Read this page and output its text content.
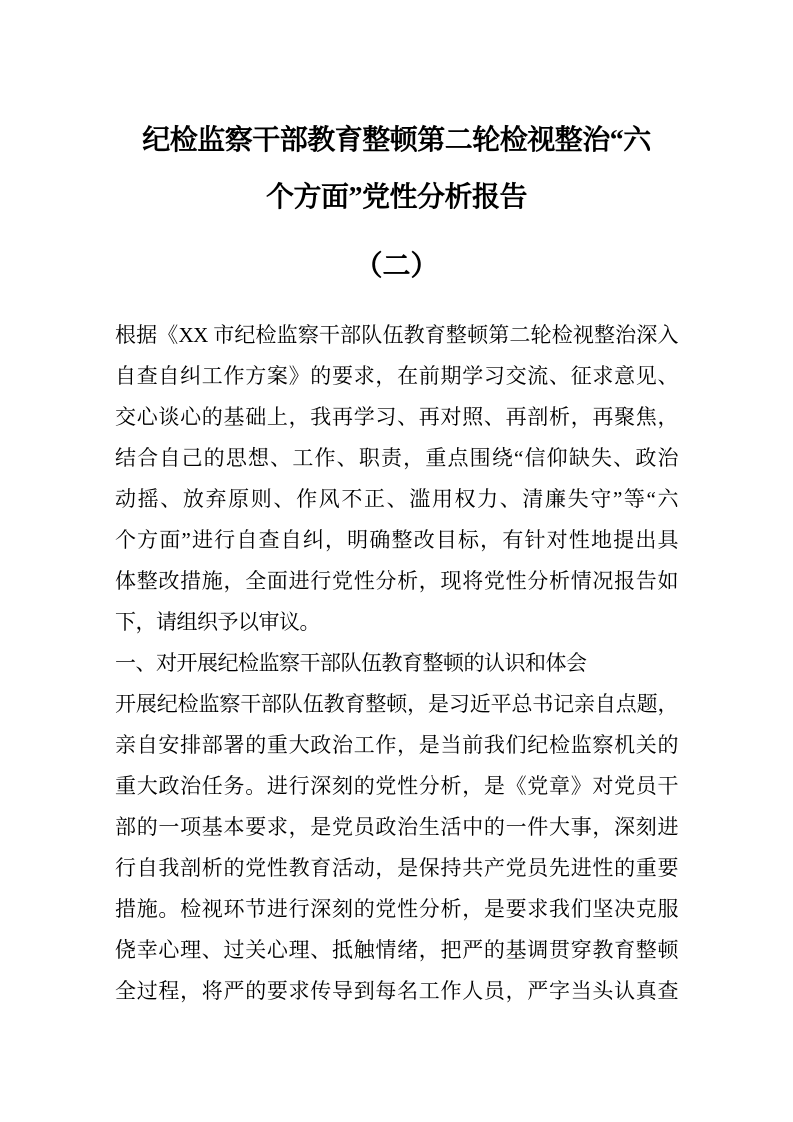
纪检监察干部教育整顿第二轮检视整治“六
个方面”党性分析报告
（二）
根据《XX 市纪检监察干部队伍教育整顿第二轮检视整治深入
自查自纠工作方案》的要求，在前期学习交流、征求意见、
交心谈心的基础上，我再学习、再对照、再剖析，再聚焦，
结合自己的思想、工作、职责，重点围绕“信仰缺失、政治
动摇、放弃原则、作风不正、滥用权力、清廉失守”等“六
个方面”进行自查自纠，明确整改目标，有针对性地提出具
体整改措施，全面进行党性分析，现将党性分析情况报告如
下，请组织予以审议。
一、对开展纪检监察干部队伍教育整顿的认识和体会
开展纪检监察干部队伍教育整顿，是习近平总书记亲自点题，
亲自安排部署的重大政治工作，是当前我们纪检监察机关的
重大政治任务。进行深刻的党性分析，是《党章》对党员干
部的一项基本要求，是党员政治生活中的一件大事，深刻进
行自我剖析的党性教育活动，是保持共产党员先进性的重要
措施。检视环节进行深刻的党性分析，是要求我们坚决克服
侥幸心理、过关心理、抵触情绪，把严的基调贯穿教育整顿
全过程，将严的要求传导到每名工作人员，严字当头认真查
